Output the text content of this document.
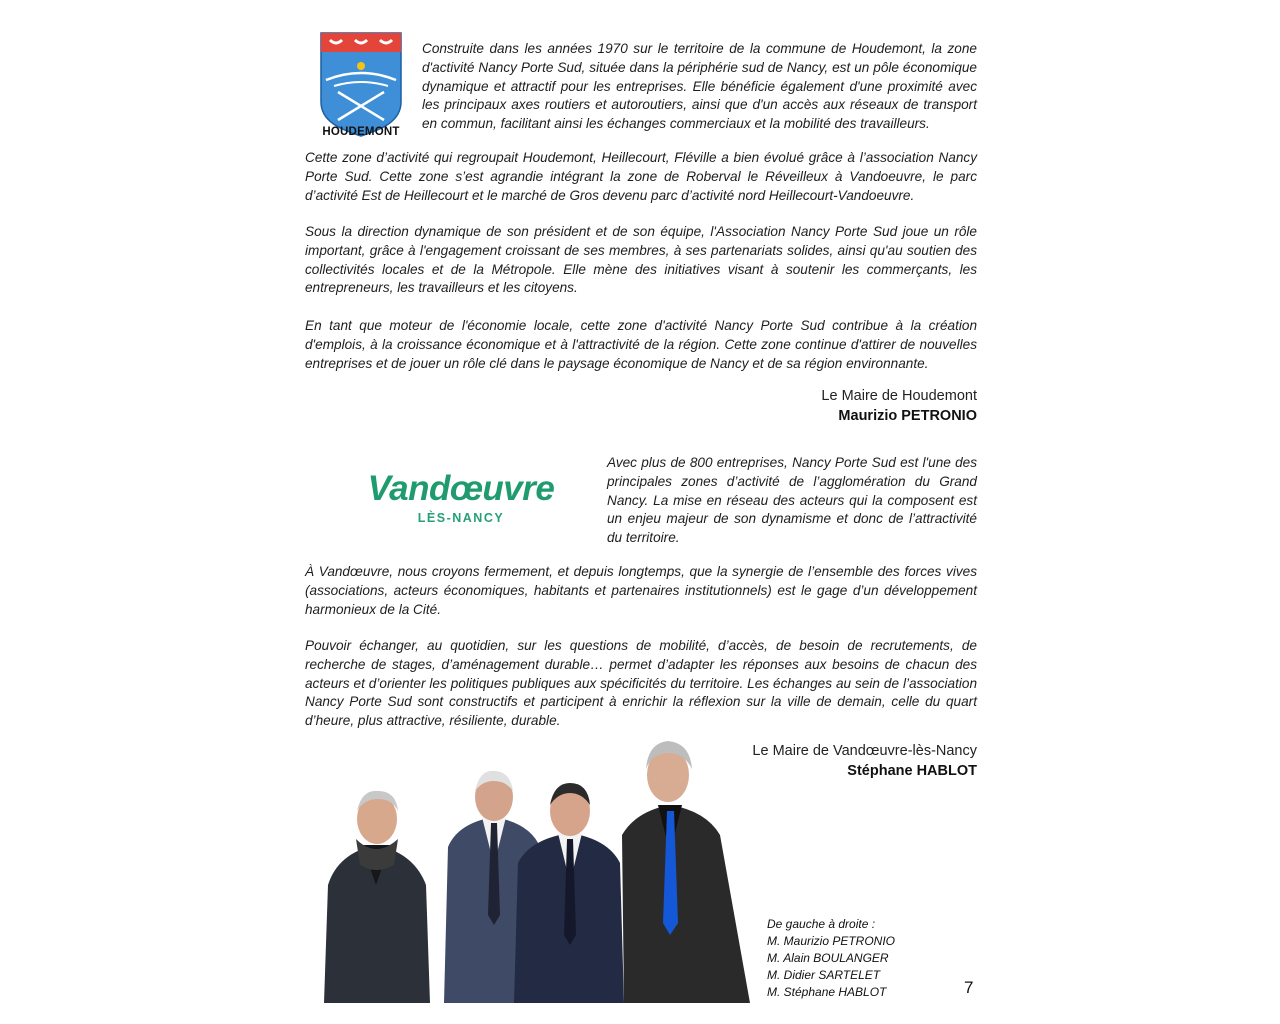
HOUDEMONT

Construite dans les années 1970 sur le territoire de la commune de Houdemont, la zone d'activité Nancy Porte Sud, située dans la périphérie sud de Nancy, est un pôle économique dynamique et attractif pour les entreprises. Elle bénéficie également d'une proximité avec les principaux axes routiers et autoroutiers, ainsi que d'un accès aux réseaux de transport en commun, facilitant ainsi les échanges commerciaux et la mobilité des travailleurs.

Cette zone d’activité qui regroupait Houdemont, Heillecourt, Fléville a bien évolué grâce à l’association Nancy Porte Sud. Cette zone s’est agrandie intégrant la zone de Roberval le Réveilleux à Vandoeuvre, le parc d’activité Est de Heillecourt et le marché de Gros devenu parc d’activité nord Heillecourt-Vandoeuvre.

Sous la direction dynamique de son président et de son équipe, l'Association Nancy Porte Sud joue un rôle important, grâce à l'engagement croissant de ses membres, à ses partenariats solides, ainsi qu'au soutien des collectivités locales et de la Métropole. Elle mène des initiatives visant à soutenir les commerçants, les entrepreneurs, les travailleurs et les citoyens.

En tant que moteur de l'économie locale, cette zone d'activité Nancy Porte Sud contribue à la création d'emplois, à la croissance économique et à l'attractivité de la région. Cette zone continue d'attirer de nouvelles entreprises et de jouer un rôle clé dans le paysage économique de Nancy et de sa région environnante.

Le Maire de Houdemont
Maurizio PETRONIO
Vandœuvre
LÈS-NANCY

Avec plus de 800 entreprises, Nancy Porte Sud est l'une des principales zones d’activité de l’agglomération du Grand Nancy. La mise en réseau des acteurs qui la composent est un enjeu majeur de son dynamisme et donc de l’attractivité du territoire.

À Vandœuvre, nous croyons fermement, et depuis longtemps, que la synergie de l’ensemble des forces vives (associations, acteurs économiques, habitants et partenaires institutionnels) est le gage d’un développement harmonieux de la Cité.

Pouvoir échanger, au quotidien, sur les questions de mobilité, d’accès, de besoin de recrutements, de recherche de stages, d’aménagement durable… permet d’adapter les réponses aux besoins de chacun des acteurs et d’orienter les politiques publiques aux spécificités du territoire. Les échanges au sein de l’association Nancy Porte Sud sont constructifs et participent à enrichir la réflexion sur la ville de demain, celle du quart d’heure, plus attractive, résiliente, durable.

Le Maire de Vandœuvre-lès-Nancy
Stéphane HABLOT
De gauche à droite :
M. Maurizio PETRONIO
M. Alain BOULANGER
M. Didier SARTELET
M. Stéphane HABLOT	7
